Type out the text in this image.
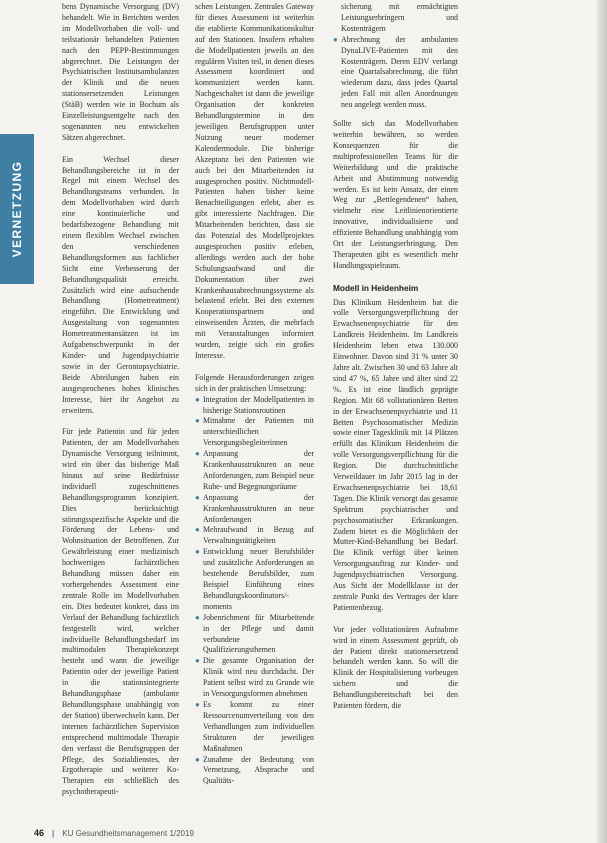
VERNETZUNG

bens Dynamische Versorgung (DV) behandelt. Wie in Berichten werden im Modellvorhaben die voll- und teilstationär behandelten Patienten nach den PEPP-Bestimmungen abgerechnet. Die Leistungen der Psychiatrischen Institutsambulanzen der Klinik und die neuen stationsersetzenden Leistungen (StäB) werden wie in Bochum als Einzelleistungsentgelte nach den sogenannten neu entwickelten Sätzen abgerechnet.

Ein Wechsel dieser Behandlungsbereiche ist in der Regel mit einem Wechsel des Behandlungsteams verbunden. In dem Modellvorhaben wird durch eine kontinuierliche und bedarfsbezogene Behandlung mit einem flexiblen Wechsel zwischen den verschiedenen Behandlungsformen aus fachlicher Sicht eine Verbesserung der Behandlungsqualität erreicht. Zusätzlich wird eine aufsuchende Behandlung (Hometreatment) eingeführt. Die Entwicklung und Ausgestaltung von sogenannten Hometreatmentansätzen ist im Aufgabenschwerpunkt in der Kinder- und Jugendpsychiatrie sowie in der Gerontopsychiatrie. Beide Abteilungen haben ein ausgesprochenes hohes klinisches Interesse, hier ihr Angebot zu erweitern.

Für jede Patientin und für jeden Patienten, der am Modellvorhaben Dynamische Versorgung teilnimmt, wird ein über das bisherige Maß hinaus auf seine Bedürfnisse individuell zugeschnittenes Behandlungsprogramm konzipiert. Dies berücksichtigt störungsspezifische Aspekte und die Förderung der Lebens- und Wohnsituation der Betroffenen. Zur Gewährleistung einer medizinisch hochwertigen fachärztlichen Behandlung müssen daher ein vorhergehendes Assessment eine zentrale Rolle im Modellvorhaben ein. Dies bedeutet konkret, dass im Verlauf der Behandlung fachärztlich festgestellt wird, welcher individuelle Behandlungsbedarf im multimodalen Therapiekonzept besteht und wann die jeweilige Patientin oder der jeweilige Patient in die stationsintegrierte Behandlungsphase (ambulante Behandlungsphase unabhängig von der Station) überwechseln kann. Der internen fachärztlichen Supervision entsprechend multimodale Therapie den verfasst die Berufsgruppen der Pflege, des Sozialdienstes, der Ergotherapie und weiterer Ko-Therapien ein schließlich des psychotherapeuti-

schen Leistungen. Zentrales Gateway für dieses Assessment ist weiterhin die etablierte Kommunikationskultur auf den Stationen. Insofern erhalten die Modellpatienten jeweils an den regulären Visiten teil, in denen dieses Assessment koordiniert und kommuniziert werden kann. Nachgeschaltet ist dann die jeweilige Organisation der konkreten Behandlungstermine in den jeweiligen Berufsgruppen unter Nutzung neuer moderner Kalendermodule. Die bisherige Akzeptanz bei den Patienten wie auch bei den Mitarbeitenden ist ausgesprochen positiv. Nichtmodell-Patienten haben bisher keine Benachteiligungen erlebt, aber es gibt interessierte Nachfragen. Die Mitarbeitenden berichten, dass sie das Potenzial des Modellprojektes ausgesprochen positiv erleben, allerdings werden auch der hohe Schulungsaufwand und die Dokumentation über zwei Krankenhausabrechnungssysteme als belastend erlebt. Bei den externen Kooperationspartnern und einweisenden Ärzten, die mehrfach mit Veranstaltungen informiert wurden, zeigte sich ein großes Interesse.

Folgende Herausforderungen zeigen sich in der praktischen Umsetzung:

● Integration der Modellpatienten in bisherige Stationsroutinen
● Mitnahme der Patienten mit unterschiedlichen Versorgungsbegleiterinnen
● Anpassung der Krankenhausstrukturen an neue Anforderungen, zum Beispiel neue Ruhe- und Begegnungsräume
● Anpassung der Krankenhausstrukturen an neue Anforderungen
● Mehraufwand in Bezug auf Verwaltungstätigkeiten
● Entwicklung neuer Berufsbilder und zusätzliche Anforderungen an bestehende Berufsbilder, zum Beispiel Einführung eines Behandlungskoordinators/-moments
● Jobenrichment für Mitarbeitende in der Pflege und damit verbundene Qualifizierungsthemen
● Die gesamte Organisation der Klinik wird neu durchdacht. Der Patient selbst wird zu Grunde wie in Versorgungsformen abnehmen
● Es kommt zu einer Ressourcenumverteilung von den Verhandlungen zum individuellen Strukturen der jeweiligen Maßnahmen
● Zunahme der Bedeutung von Vernetzung, Absprache und Qualitäts-

sicherung mit ermächtigten Leistungserbringern und Kostenträgern

● Abrechnung der ambulanten DynaLIVE-Patienten mit den Kostenträgern. Deren EDV verlangt eine Quartalsabrechnung, die führt wiederum dazu, dass jedes Quartal jeden Fall mit allen Anordnungen neu angelegt werden muss.

Sollte sich das Modellvorhaben weiterhin bewähren, so werden Konsequenzen für die multiprofessionellen Teams für die Weiterbildung und die praktische Arbeit und Abstimmung notwendig werden. Es ist kein Ansatz, der einen Weg zur „Bettlegendenen“ haben, vielmehr eine Leitlinienorientierte innovative, individualisierte und effiziente Behandlung unabhängig vom Ort der Leistungserbringung. Den Therapeuten gibt es wesentlich mehr Handlungsspielraum.

Modell in Heidenheim

Das Klinikum Heidenheim hat die volle Versorgungsverpflichtung der Erwachsenenpsychiatrie für den Landkreis Heidenheim. Im Landkreis Heidenheim leben etwa 130.000 Einwohner. Davon sind 31 % unter 30 Jahre alt. Zwischen 30 und 63 Jahre alt sind 47 %, 65 Jahre und älter sind 22 %. Es ist eine ländlich geprägte Region. Mit 68 vollstationären Betten in der Erwachsenenpsychiatrie und 11 Betten Psychosomatischer Medizin sowie einer Tagesklinik mit 14 Plätzen erfüllt das Klinikum Heidenheim die volle Versorgungsverpflichtung für die Region. Die durchschnittliche Verweildauer im Jahr 2015 lag in der Erwachsenenpsychiatrie bei 18,61 Tagen. Die Klinik versorgt das gesamte Spektrum psychiatrischer und psychosomatischer Erkrankungen. Zudem bietet es die Möglichkeit der Mutter-Kind-Behandlung bei Bedarf. Die Klinik verfügt über keinen Versorgungsauftrag zur Kinder- und Jugendpsychiatrischen Versorgung. Aus Sicht der Modellklasse ist der zentrale Punkt des Vertrages der klare Patientenbezug.

Vor jeder vollstationären Aufnahme wird in einem Assessment geprüft, ob der Patient direkt stationsersetzend behandelt werden kann. So will die Klinik der Hospitalisierung vorbeugen sichern und die Behandlungsbereitschaft bei den Patienten fördern, die

46 | KU Gesundheitsmanagement 1/2019
